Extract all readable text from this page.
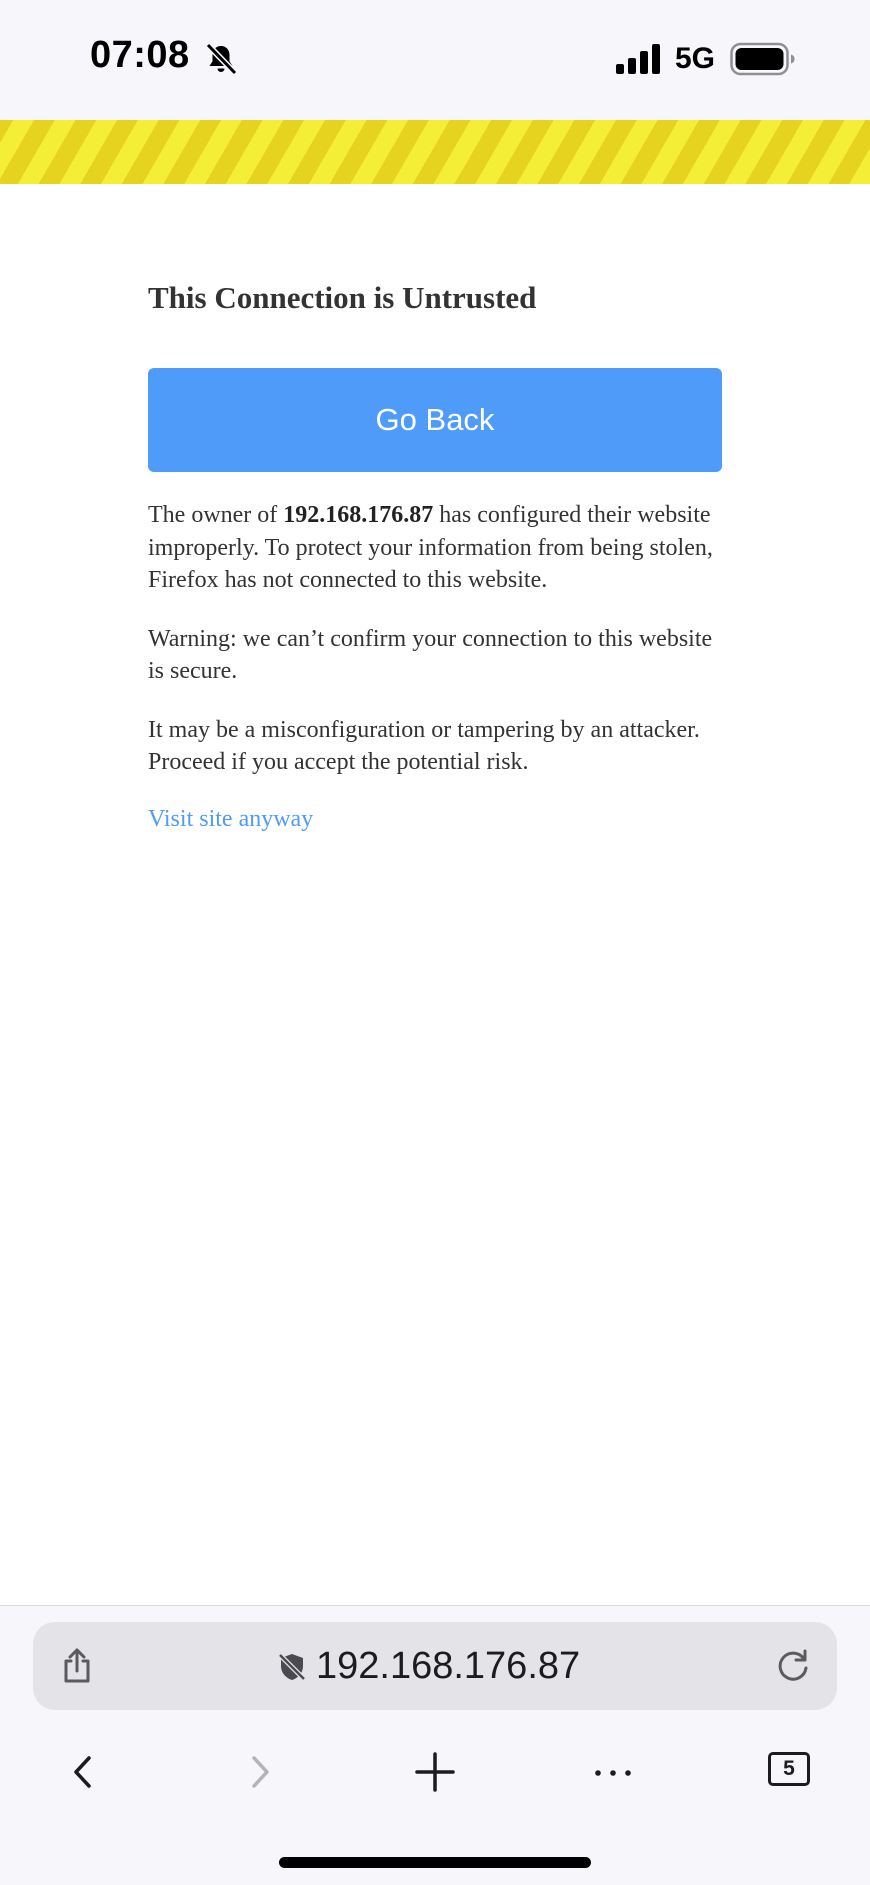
07:08	5G
This Connection is Untrusted
Go Back

The owner of 192.168.176.87 has configured their website improperly. To protect your information from being stolen, Firefox has not connected to this website.

Warning: we can’t confirm your connection to this website is secure.

It may be a misconfiguration or tampering by an attacker. Proceed if you accept the potential risk.

Visit site anyway
192.168.176.87
5
